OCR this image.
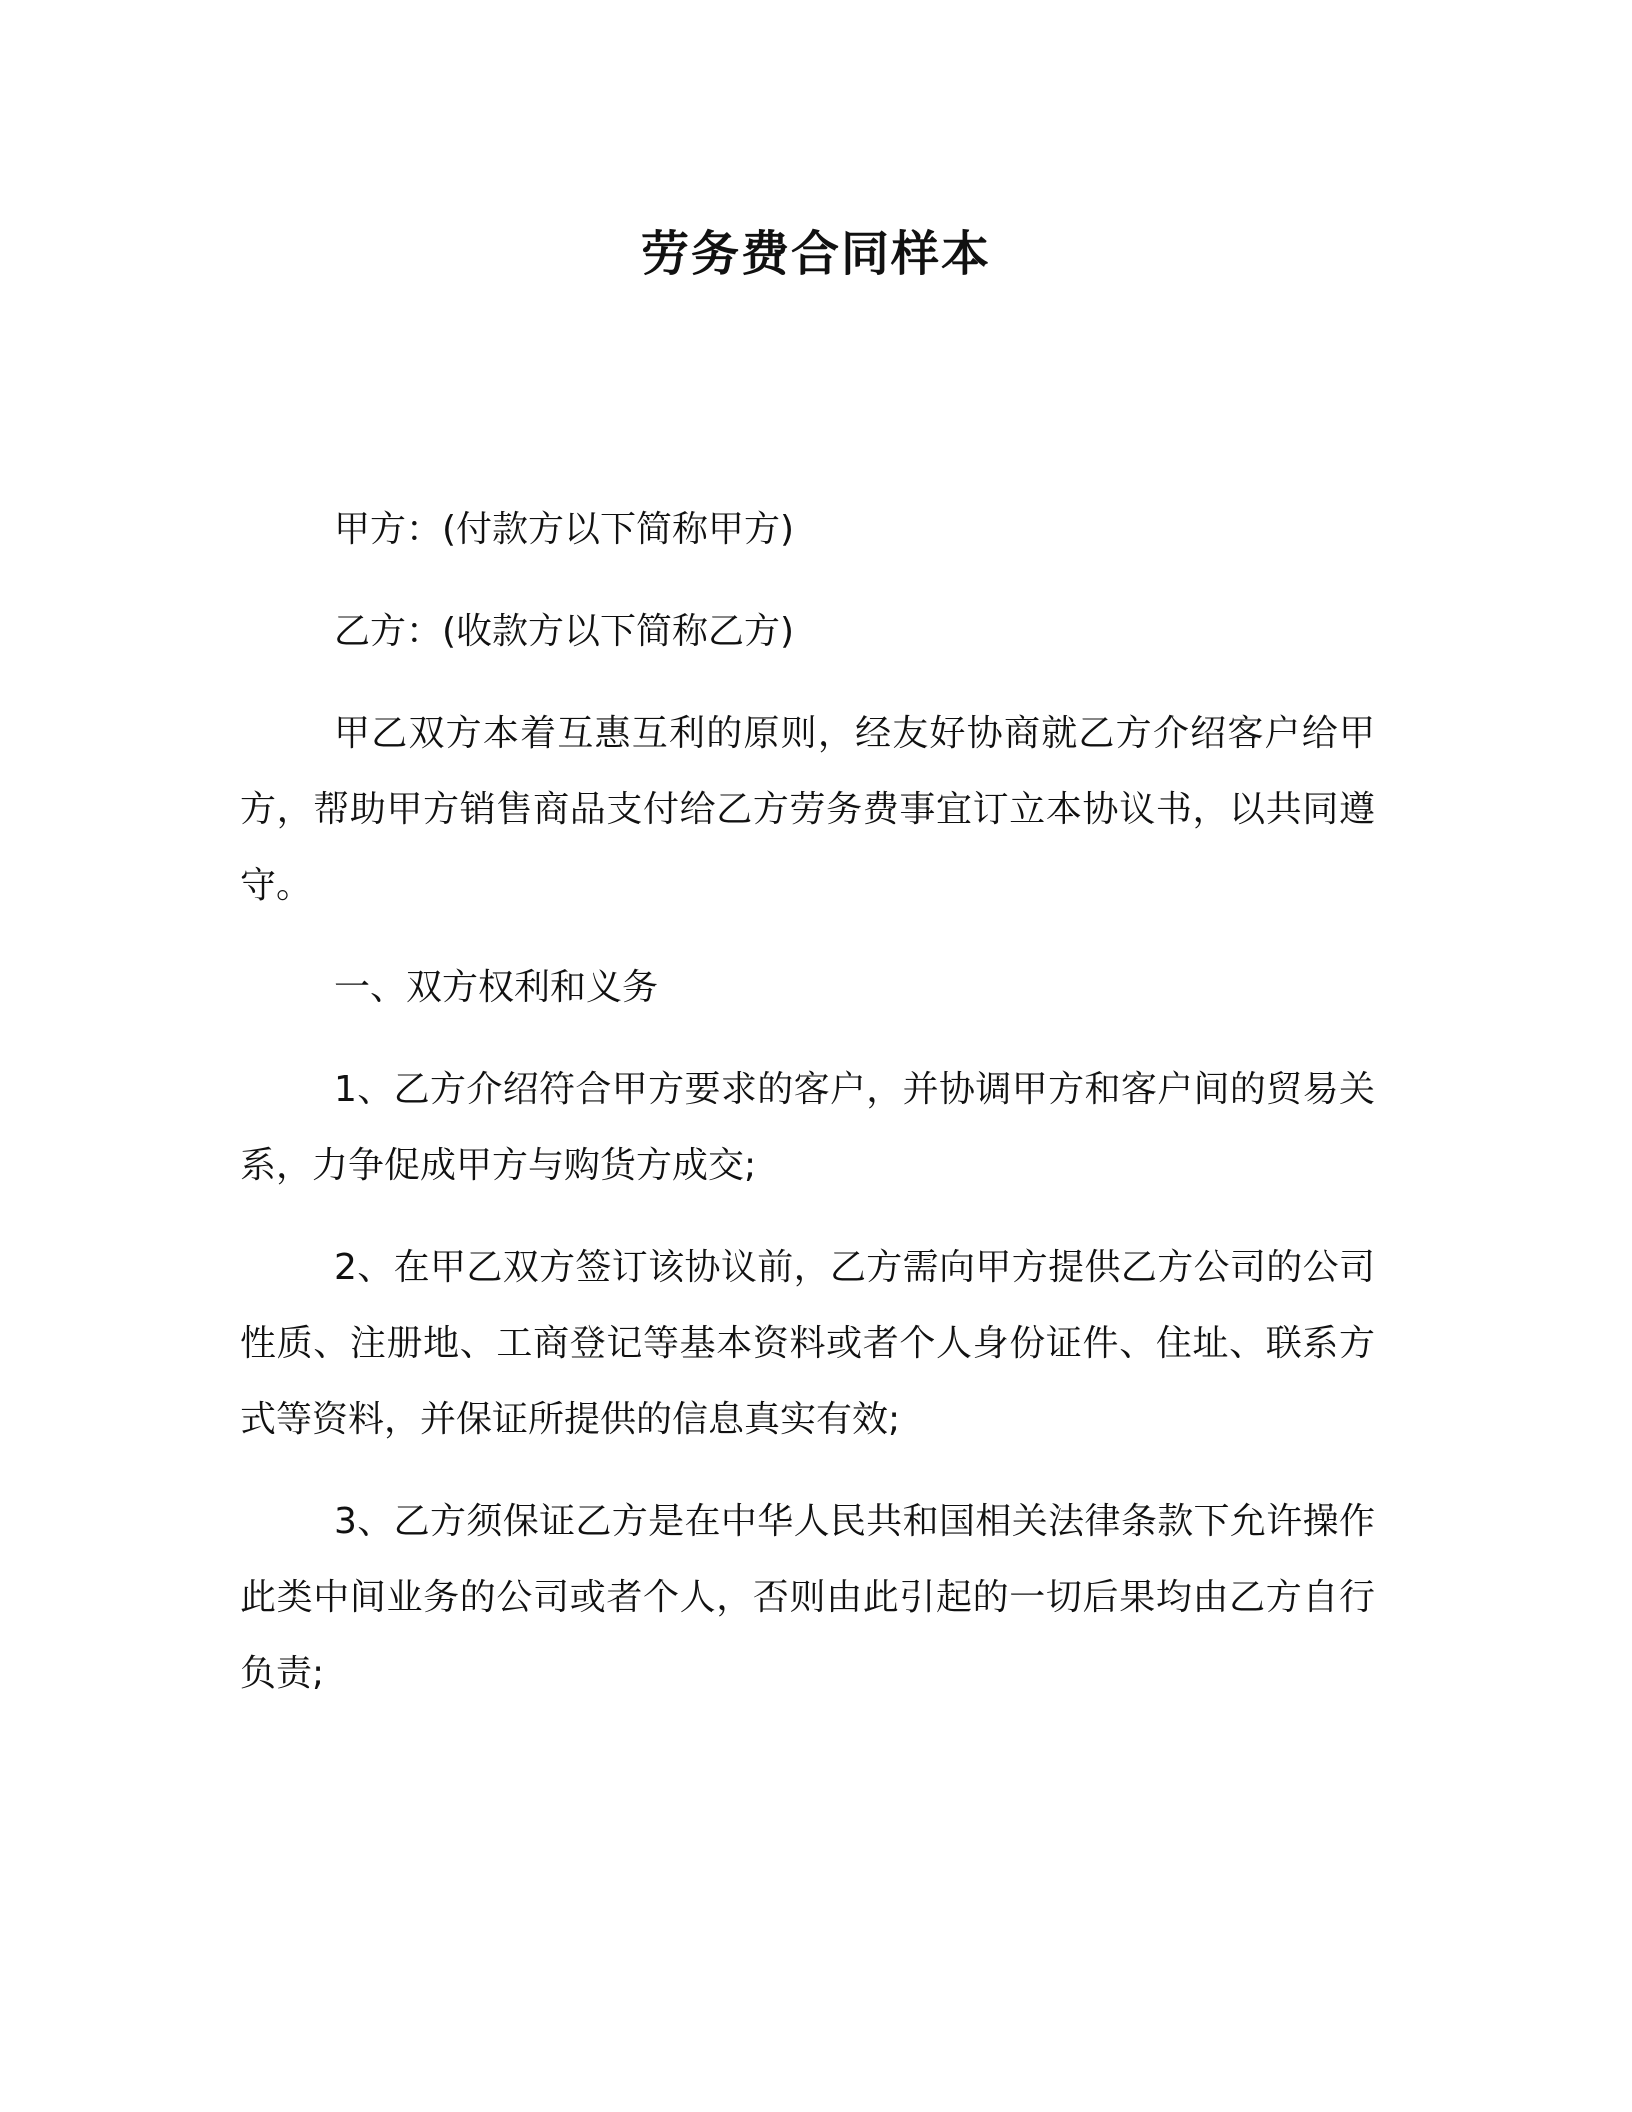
劳务费合同样本

甲方：(付款方以下简称甲方)

乙方：(收款方以下简称乙方)

甲乙双方本着互惠互利的原则，经友好协商就乙方介绍客户给甲方，帮助甲方销售商品支付给乙方劳务费事宜订立本协议书，以共同遵守。

一、双方权利和义务

1、乙方介绍符合甲方要求的客户，并协调甲方和客户间的贸易关系，力争促成甲方与购货方成交;

2、在甲乙双方签订该协议前，乙方需向甲方提供乙方公司的公司性质、注册地、工商登记等基本资料或者个人身份证件、住址、联系方式等资料，并保证所提供的信息真实有效;

3、乙方须保证乙方是在中华人民共和国相关法律条款下允许操作此类中间业务的公司或者个人，否则由此引起的一切后果均由乙方自行负责;
